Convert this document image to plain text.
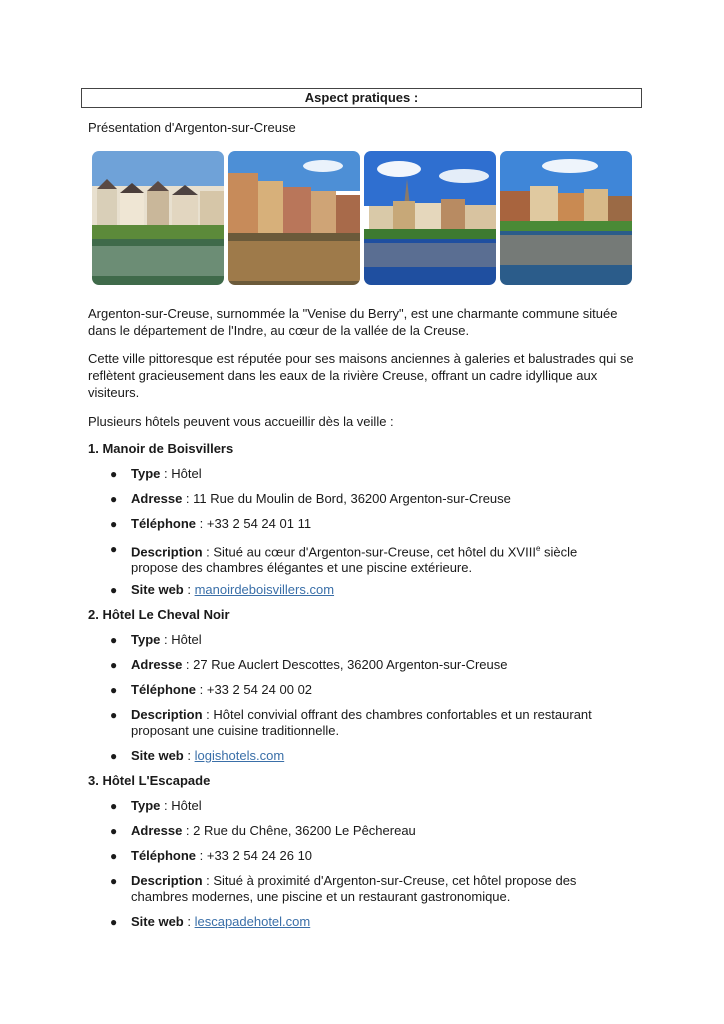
Aspect pratiques :
Présentation d'Argenton-sur-Creuse
Argenton-sur-Creuse, surnommée la "Venise du Berry", est une charmante commune située dans le département de l'Indre, au cœur de la vallée de la Creuse.
Cette ville pittoresque est réputée pour ses maisons anciennes à galeries et balustrades qui se reflètent gracieusement dans les eaux de la rivière Creuse, offrant un cadre idyllique aux visiteurs.
Plusieurs hôtels peuvent vous accueillir dès la veille :
1. Manoir de Boisvillers
● Type : Hôtel
● Adresse : 11 Rue du Moulin de Bord, 36200 Argenton-sur-Creuse
● Téléphone : +33 2 54 24 01 11
● Description : Situé au cœur d'Argenton-sur-Creuse, cet hôtel du XVIIIe siècle propose des chambres élégantes et une piscine extérieure.
● Site web : manoirdeboisvillers.com
2. Hôtel Le Cheval Noir
● Type : Hôtel
● Adresse : 27 Rue Auclert Descottes, 36200 Argenton-sur-Creuse
● Téléphone : +33 2 54 24 00 02
● Description : Hôtel convivial offrant des chambres confortables et un restaurant proposant une cuisine traditionnelle.
● Site web : logishotels.com
3. Hôtel L'Escapade
● Type : Hôtel
● Adresse : 2 Rue du Chêne, 36200 Le Pêchereau
● Téléphone : +33 2 54 24 26 10
● Description : Situé à proximité d'Argenton-sur-Creuse, cet hôtel propose des chambres modernes, une piscine et un restaurant gastronomique.
● Site web : lescapadehotel.com
